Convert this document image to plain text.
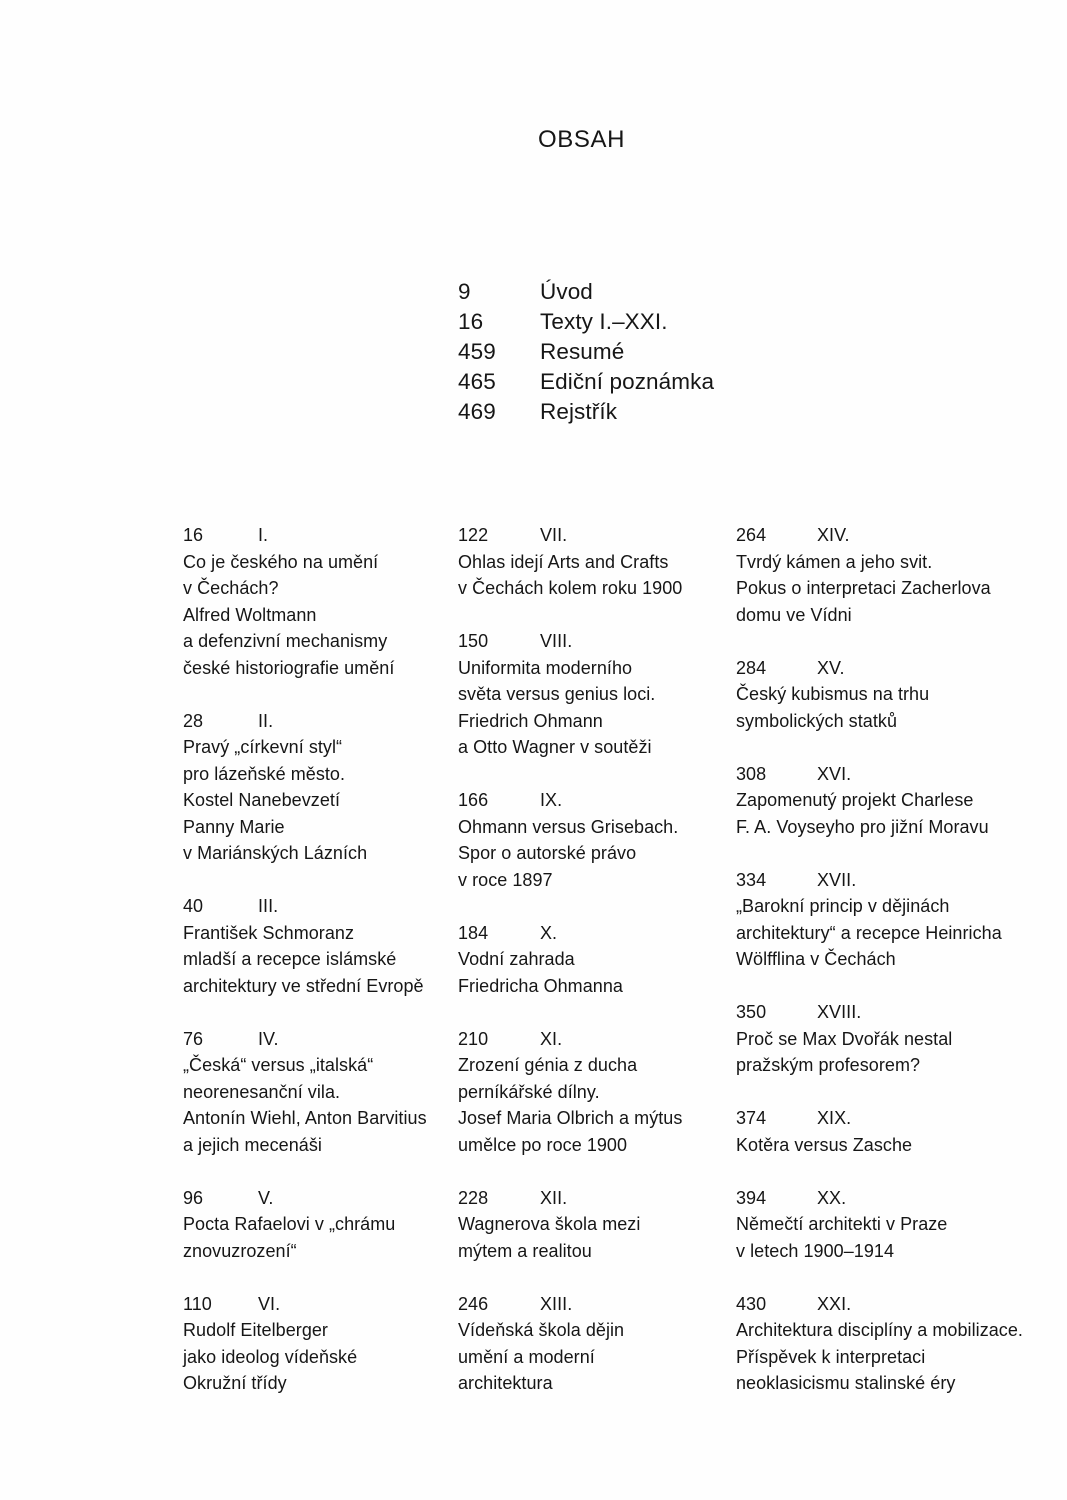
OBSAH
9	Úvod
16	Texty I.–XXI.
459	Resumé
465	Ediční poznámka
469	Rejstřík
16	I.
Co je českého na umění
v Čechách?
Alfred Woltmann
a defenzivní mechanismy
české historiografie umění
28	II.
Pravý „církevní styl“
pro lázeňské město.
Kostel Nanebevzetí
Panny Marie
v Mariánských Lázních
40	III.
František Schmoranz
mladší a recepce islámské
architektury ve střední Evropě
76	IV.
„Česká“ versus „italská“
neorenesanční vila.
Antonín Wiehl, Anton Barvitius
a jejich mecenáši
96	V.
Pocta Rafaelovi v „chrámu
znovuzrození“
110	VI.
Rudolf Eitelberger
jako ideolog vídeňské
Okružní třídy
122	VII.
Ohlas idejí Arts and Crafts
v Čechách kolem roku 1900
150	VIII.
Uniformita moderního
světa versus genius loci.
Friedrich Ohmann
a Otto Wagner v soutěži
166	IX.
Ohmann versus Grisebach.
Spor o autorské právo
v roce 1897
184	X.
Vodní zahrada
Friedricha Ohmanna
210	XI.
Zrození génia z ducha
perníkářské dílny.
Josef Maria Olbrich a mýtus
umělce po roce 1900
228	XII.
Wagnerova škola mezi
mýtem a realitou
246	XIII.
Vídeňská škola dějin
umění a moderní
architektura
264	XIV.
Tvrdý kámen a jeho svit.
Pokus o interpretaci Zacherlova
domu ve Vídni
284	XV.
Český kubismus na trhu
symbolických statků
308	XVI.
Zapomenutý projekt Charlese
F. A. Voyseyho pro jižní Moravu
334	XVII.
„Barokní princip v dějinách
architektury“ a recepce Heinricha
Wölfflina v Čechách
350	XVIII.
Proč se Max Dvořák nestal
pražským profesorem?
374	XIX.
Kotěra versus Zasche
394	XX.
Němečtí architekti v Praze
v letech 1900–1914
430	XXI.
Architektura disciplíny a mobilizace.
Příspěvek k interpretaci
neoklasicismu stalinské éry
